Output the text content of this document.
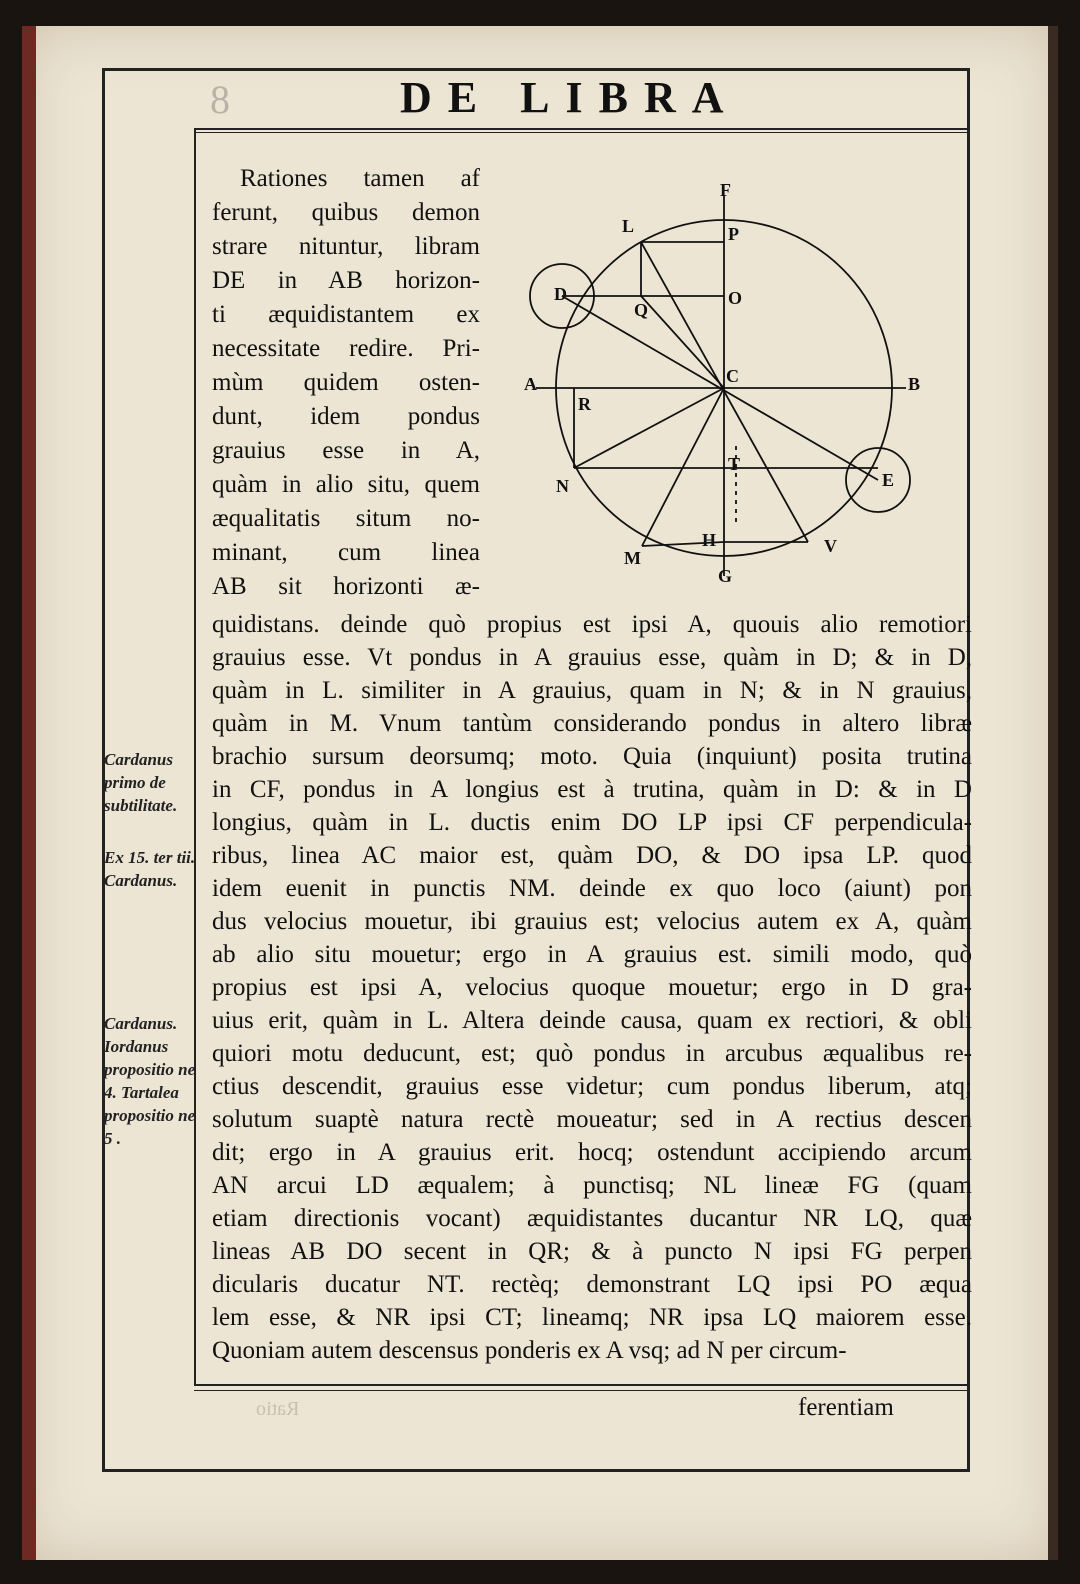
8	DE LIBRA
Cardanus primo de subtilitate.
Ex 15. ter tii. Cardanus.
Cardanus. Iordanus propositio ne 4. Tartalea propositio ne 5 .
Rationes tamen af
ferunt, quibus demon
strare nituntur, libram
DE in AB horizon-
ti æquidistantem ex
necessitate redire. Pri-
mùm quidem osten-
dunt, idem pondus
grauius esse in A,
quàm in alio situ, quem
æqualitatis situm no-
minant, cum linea
AB sit horizonti æ-
quidistans. deinde quò propius est ipsi A, quouis alio remotiori
grauius esse. Vt pondus in A grauius esse, quàm in D; & in D,
quàm in L. similiter in A grauius, quam in N; & in N grauius,
quàm in M. Vnum tantùm considerando pondus in altero libræ
brachio sursum deorsumq; moto. Quia (inquiunt) posita trutina
in CF, pondus in A longius est à trutina, quàm in D: & in D
longius, quàm in L. ductis enim DO LP ipsi CF perpendicula-
ribus, linea AC maior est, quàm DO, & DO ipsa LP. quod
idem euenit in punctis NM. deinde ex quo loco (aiunt) pon
dus velocius mouetur, ibi grauius est; velocius autem ex A, quàm
ab alio situ mouetur; ergo in A grauius est. simili modo, quò
propius est ipsi A, velocius quoque mouetur; ergo in D gra-
uius erit, quàm in L. Altera deinde causa, quam ex rectiori, & obli
quiori motu deducunt, est; quò pondus in arcubus æqualibus re-
ctius descendit, grauius esse videtur; cum pondus liberum, atq;
solutum suaptè natura rectè moueatur; sed in A rectius descen
dit; ergo in A grauius erit. hocq; ostendunt accipiendo arcum
AN arcui LD æqualem; à punctisq; NL lineæ FG (quam
etiam directionis vocant) æquidistantes ducantur NR LQ, quæ
lineas AB DO secent in QR; & à puncto N ipsi FG perpen
dicularis ducatur NT. rectèq; demonstrant LQ ipsi PO æqua
lem esse, & NR ipsi CT; lineamq; NR ipsa LQ maiorem esse.
Quoniam autem descensus ponderis ex A vsq; ad N per circum-
F
L	P
D	O
Q
A	C	B
R
T
N	E
H	V
M
G
ferentiam
Ratio
